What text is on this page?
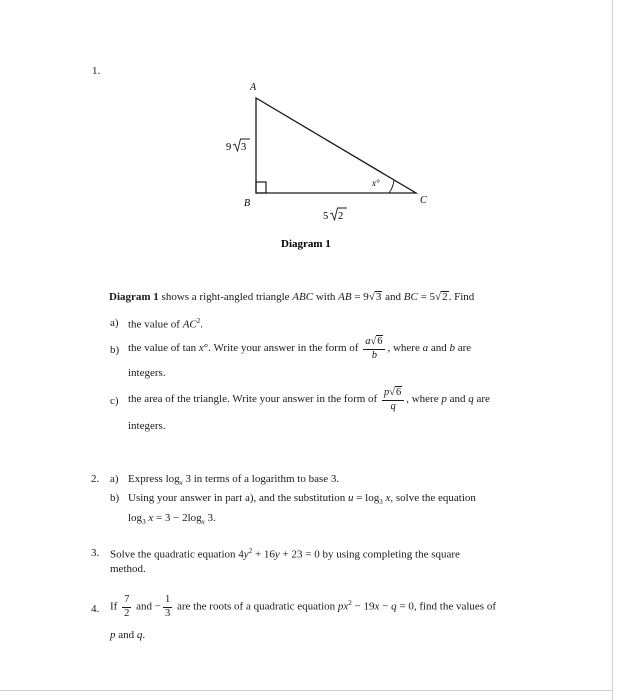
1.
A
B	C
x°
9 3
5 2
Diagram 1
Diagram 1 shows a right-angled triangle ABC with AB = 9√3 and BC = 5√2. Find
a) the value of $AC^2$.
b) the value of tan x°. Write your answer in the form of $\frac{a√6}{b}$ , where a and b are
integers.
c) the area of the triangle. Write your answer in the form of $\frac{p√6}{q}$ , where p and q are
integers.
2. a) Express $\log_x 3$ in terms of a logarithm to base 3.
b) Using your answer in part a), and the substitution $u = \log_3 x$, solve the equation
$\log_3 x = 3 - 2\log_x$ 3.
3. Solve the quadratic equation $4y^2 + 16y + 23 = 0$ by using completing the square
method.
4. If $\frac{7}{2}$ and − $\frac{1}{3}$ are the roots of a quadratic equation $px^2 - 19x - q = 0$, find the values of
p and q.
